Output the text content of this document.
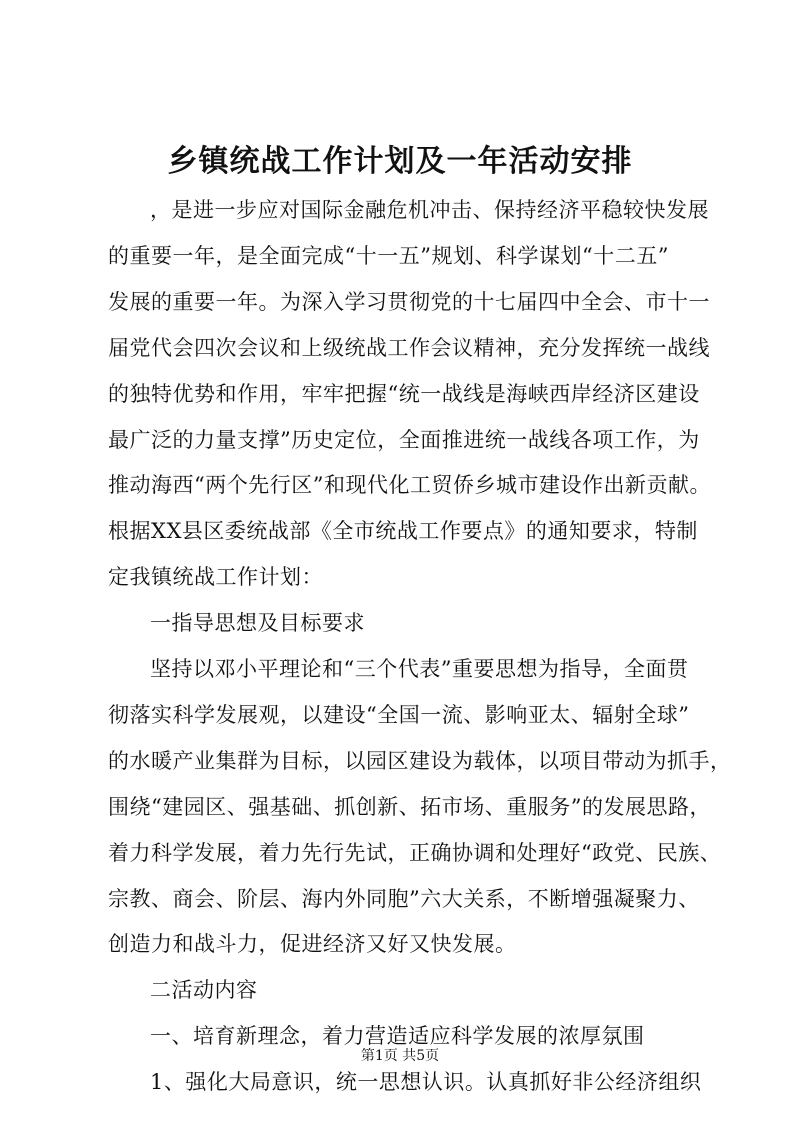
乡镇统战工作计划及一年活动安排
第1页 共5页
，是进一步应对国际金融危机冲击、保持经济平稳较快发展
的重要一年，是全面完成“十一五”规划、科学谋划“十二五”
发展的重要一年。为深入学习贯彻党的十七届四中全会、市十一
届党代会四次会议和上级统战工作会议精神，充分发挥统一战线
的独特优势和作用，牢牢把握“统一战线是海峡西岸经济区建设
最广泛的力量支撑”历史定位，全面推进统一战线各项工作，为
推动海西“两个先行区”和现代化工贸侨乡城市建设作出新贡献。
根据XX县区委统战部《全市统战工作要点》的通知要求，特制
定我镇统战工作计划：
一指导思想及目标要求
坚持以邓小平理论和“三个代表”重要思想为指导，全面贯
彻落实科学发展观，以建设“全国一流、影响亚太、辐射全球”
的水暖产业集群为目标，以园区建设为载体，以项目带动为抓手，
围绕“建园区、强基础、抓创新、拓市场、重服务”的发展思路，
着力科学发展，着力先行先试，正确协调和处理好“政党、民族、
宗教、商会、阶层、海内外同胞”六大关系，不断增强凝聚力、
创造力和战斗力，促进经济又好又快发展。
二活动内容
一、培育新理念，着力营造适应科学发展的浓厚氛围
1、强化大局意识，统一思想认识。认真抓好非公经济组织
